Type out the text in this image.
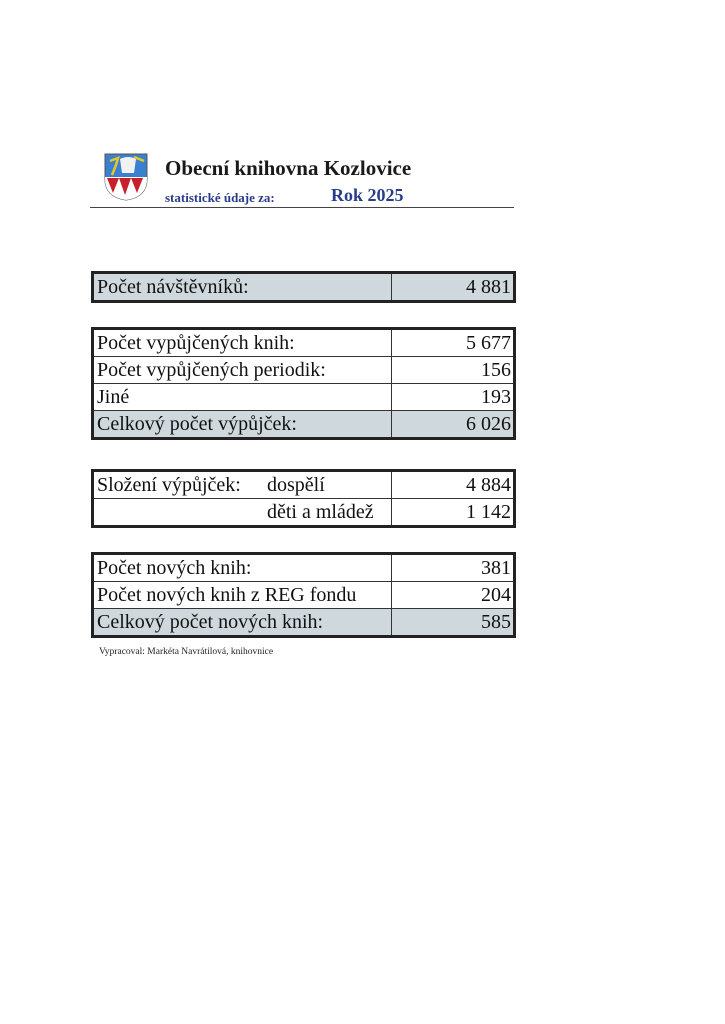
Obecní knihovna Kozlovice
statistické údaje za:	Rok 2025
Počet návštěvníků:	4 881
Počet vypůjčených knih:	5 677
Počet vypůjčených periodik:	156
Jiné	193
Celkový počet výpůjček:	6 026
Složení výpůjček: dospělí	4 884
děti a mládež	1 142
Počet nových knih:	381
Počet nových knih z REG fondu	204
Celkový počet nových knih:	585
Vypracoval: Markéta Navrátilová, knihovnice
